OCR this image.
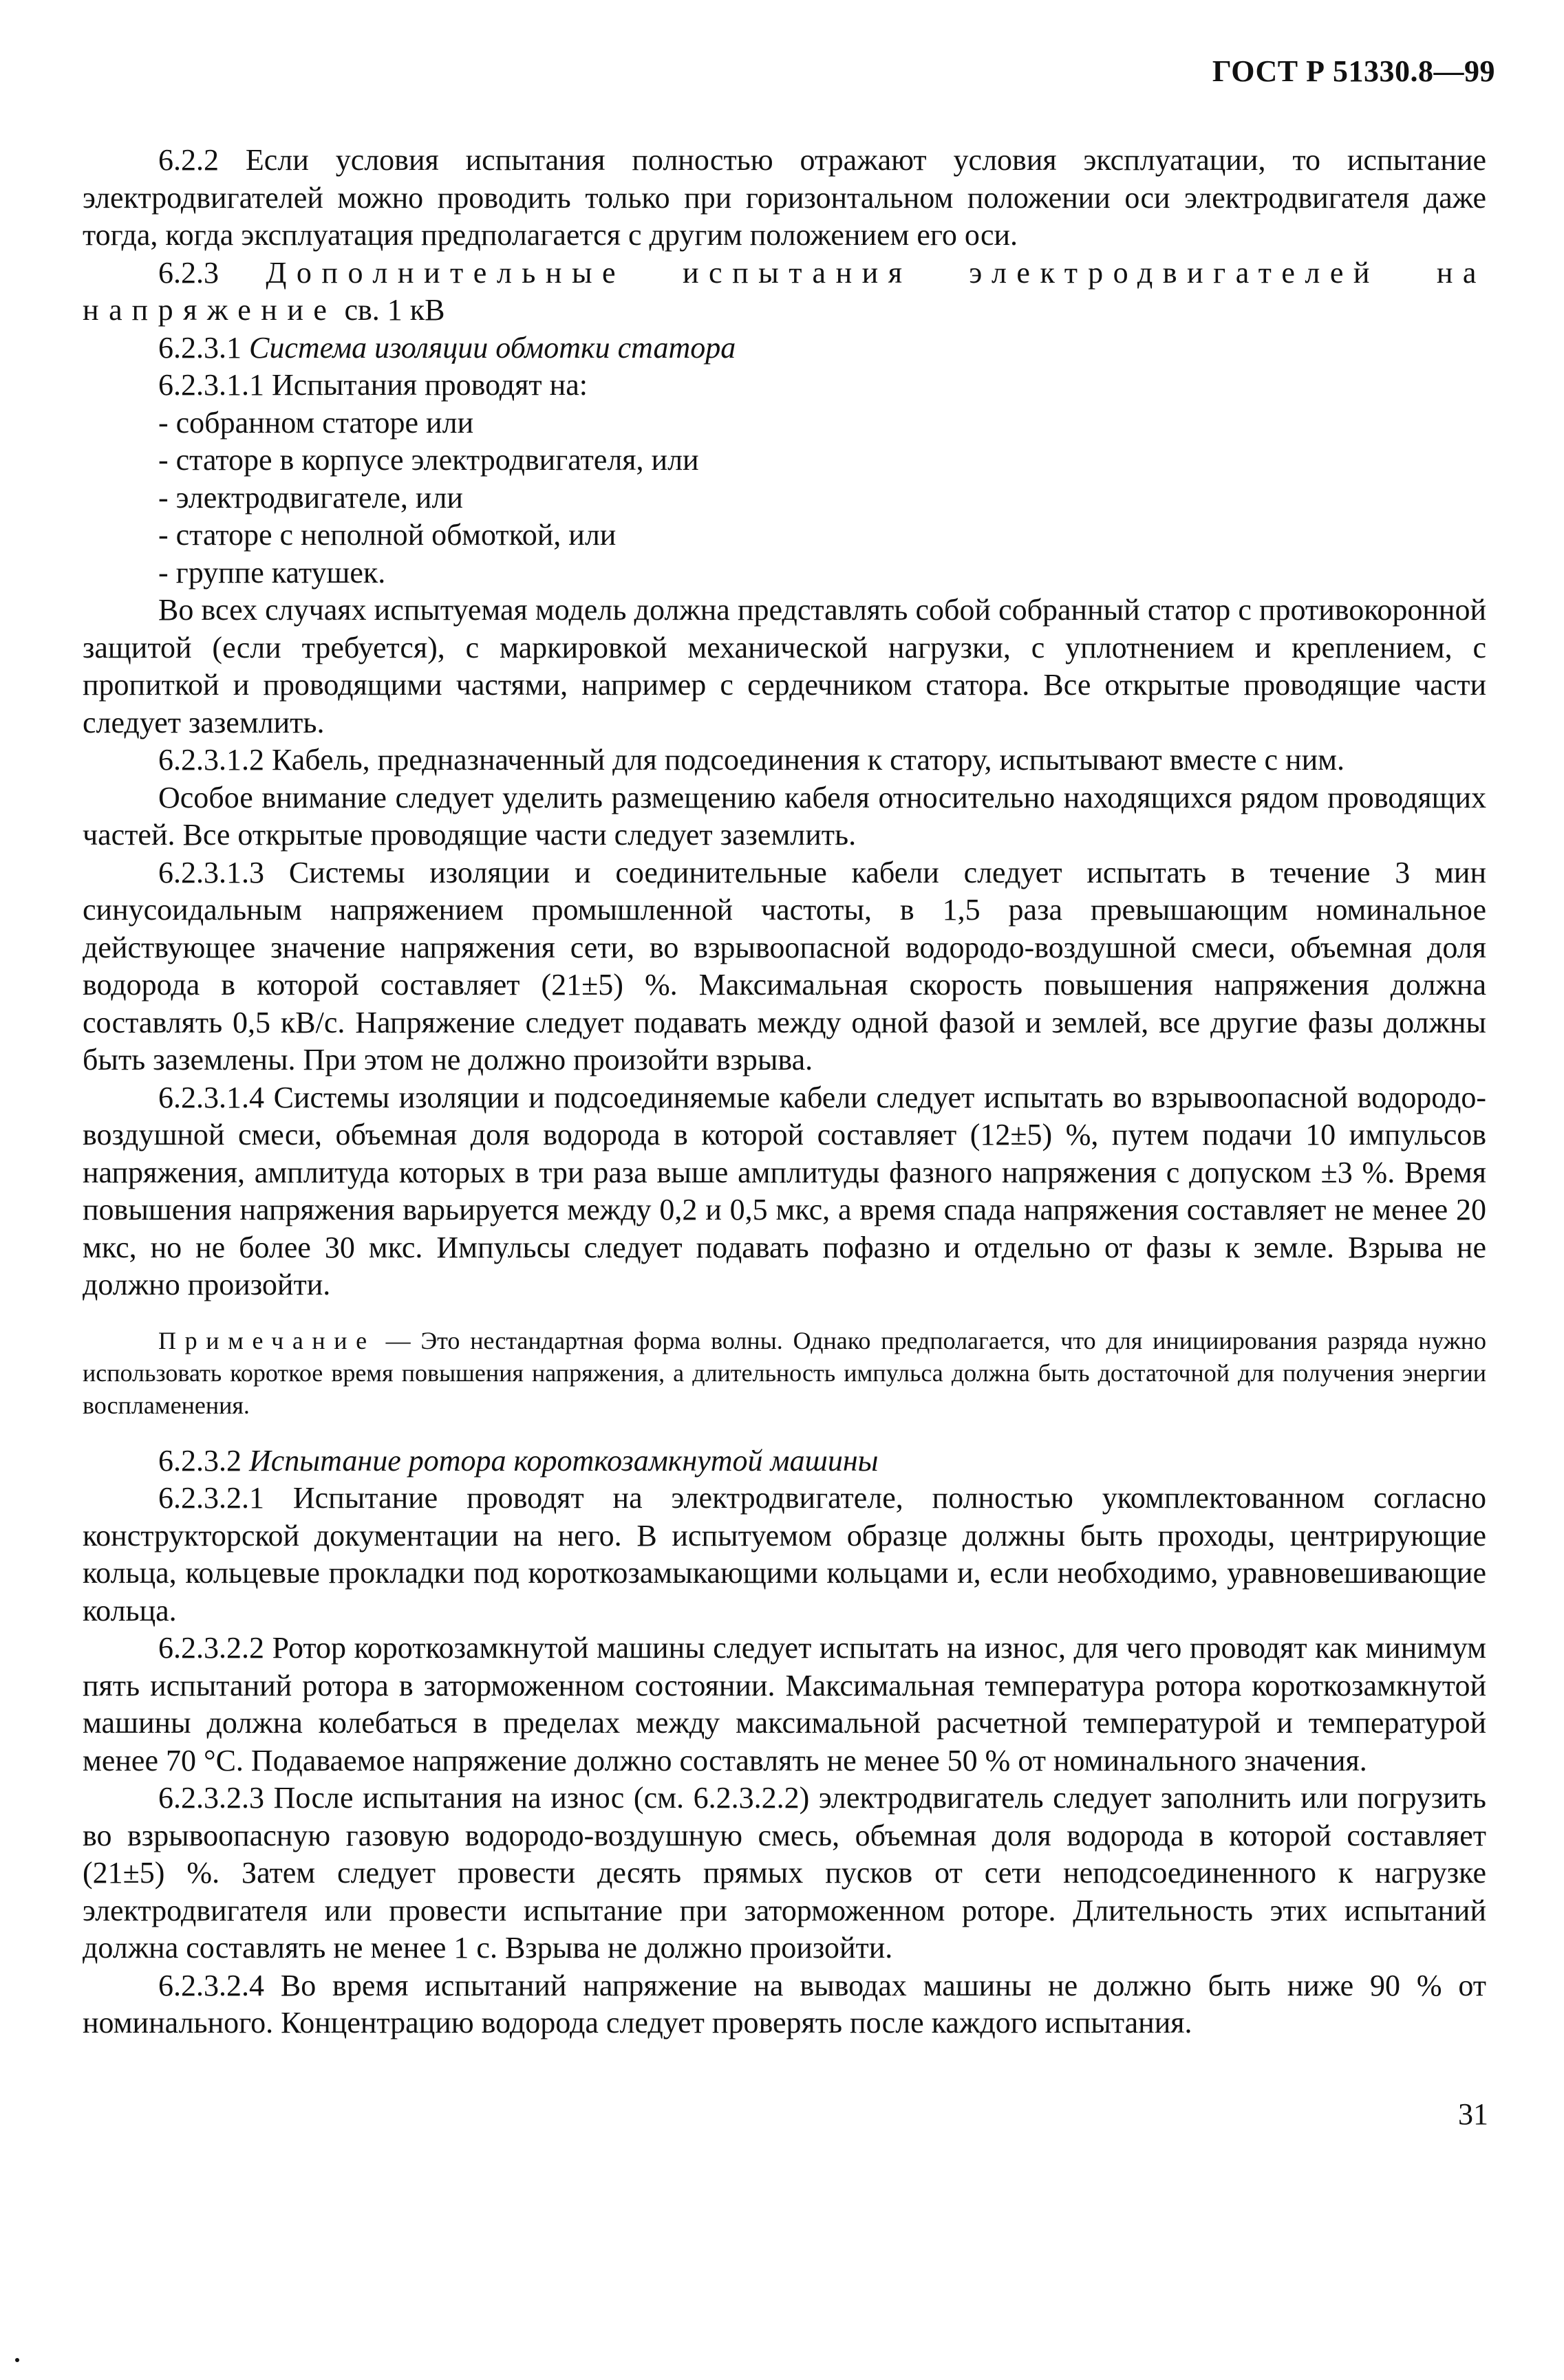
ГОСТ Р 51330.8—99

6.2.2 Если условия испытания полностью отражают условия эксплуатации, то испытание электродвигателей можно проводить только при горизонтальном положении оси электродвигателя даже тогда, когда эксплуатация предполагается с другим положением его оси.

6.2.3 Дополнительные испытания электродвигателей на напряжение св. 1 кВ

6.2.3.1 Система изоляции обмотки статора

6.2.3.1.1 Испытания проводят на:

- собранном статоре или

- статоре в корпусе электродвигателя, или

- электродвигателе, или

- статоре с неполной обмоткой, или

- группе катушек.

Во всех случаях испытуемая модель должна представлять собой собранный статор с противокоронной защитой (если требуется), с маркировкой механической нагрузки, с уплотнением и креплением, с пропиткой и проводящими частями, например с сердечником статора. Все открытые проводящие части следует заземлить.

6.2.3.1.2 Кабель, предназначенный для подсоединения к статору, испытывают вместе с ним.

Особое внимание следует уделить размещению кабеля относительно находящихся рядом проводящих частей. Все открытые проводящие части следует заземлить.

6.2.3.1.3 Системы изоляции и соединительные кабели следует испытать в течение 3 мин синусоидальным напряжением промышленной частоты, в 1,5 раза превышающим номинальное действующее значение напряжения сети, во взрывоопасной водородо-воздушной смеси, объемная доля водорода в которой составляет (21±5) %. Максимальная скорость повышения напряжения должна составлять 0,5 кВ/с. Напряжение следует подавать между одной фазой и землей, все другие фазы должны быть заземлены. При этом не должно произойти взрыва.

6.2.3.1.4 Системы изоляции и подсоединяемые кабели следует испытать во взрывоопасной водородо-воздушной смеси, объемная доля водорода в которой составляет (12±5) %, путем подачи 10 импульсов напряжения, амплитуда которых в три раза выше амплитуды фазного напряжения с допуском ±3 %. Время повышения напряжения варьируется между 0,2 и 0,5 мкс, а время спада напряжения составляет не менее 20 мкс, но не более 30 мкс. Импульсы следует подавать пофазно и отдельно от фазы к земле. Взрыва не должно произойти.

Примечание — Это нестандартная форма волны. Однако предполагается, что для инициирования разряда нужно использовать короткое время повышения напряжения, а длительность импульса должна быть достаточной для получения энергии воспламенения.

6.2.3.2 Испытание ротора короткозамкнутой машины

6.2.3.2.1 Испытание проводят на электродвигателе, полностью укомплектованном согласно конструкторской документации на него. В испытуемом образце должны быть проходы, центрирующие кольца, кольцевые прокладки под короткозамыкающими кольцами и, если необходимо, уравновешивающие кольца.

6.2.3.2.2 Ротор короткозамкнутой машины следует испытать на износ, для чего проводят как минимум пять испытаний ротора в заторможенном состоянии. Максимальная температура ротора короткозамкнутой машины должна колебаться в пределах между максимальной расчетной температурой и температурой менее 70 °С. Подаваемое напряжение должно составлять не менее 50 % от номинального значения.

6.2.3.2.3 После испытания на износ (см. 6.2.3.2.2) электродвигатель следует заполнить или погрузить во взрывоопасную газовую водородо-воздушную смесь, объемная доля водорода в которой составляет (21±5) %. Затем следует провести десять прямых пусков от сети неподсоединенного к нагрузке электродвигателя или провести испытание при заторможенном роторе. Длительность этих испытаний должна составлять не менее 1 с. Взрыва не должно произойти.

6.2.3.2.4 Во время испытаний напряжение на выводах машины не должно быть ниже 90 % от номинального. Концентрацию водорода следует проверять после каждого испытания.

31
